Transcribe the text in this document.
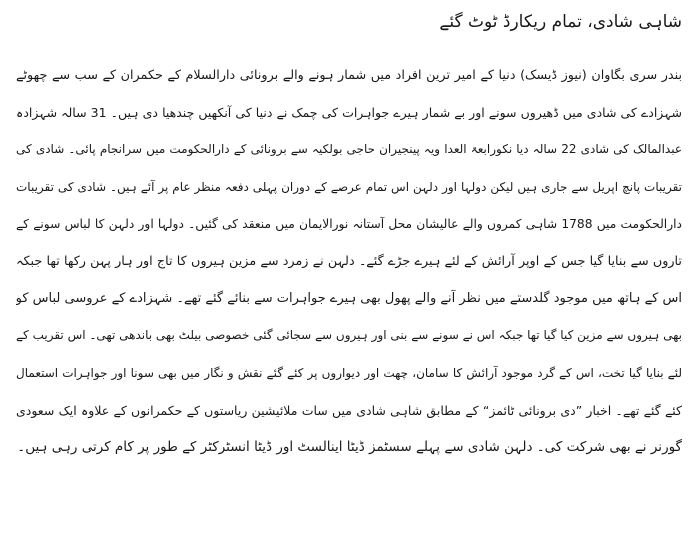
شاہی شادی، تمام ریکارڈ ٹوٹ گئے
بندر سری بگاوان (نیوز ڈیسک) دنیا کے امیر ترین افراد میں شمار ہونے والے برونائی دارالسلام کے حکمران کے سب سے چھوٹے
شہزادے کی شادی میں ڈھیروں سونے اور بے شمار ہیرے جواہرات کی چمک نے دنیا کی آنکھیں چندھیا دی ہیں۔ 31 سالہ شہزادہ
عبدالمالک کی شادی 22 سالہ دیا نکورابعۃ العدا ویہ پینجیران حاجی بولکیہ سے برونائی کے دارالحکومت میں سرانجام پائی۔ شادی کی
تقریبات پانچ اپریل سے جاری ہیں لیکن دولہا اور دلہن اس تمام عرصے کے دوران پہلی دفعہ منظر عام پر آئے ہیں۔ شادی کی تقریبات
دارالحکومت میں 1788 شاہی کمروں والے عالیشان محل آستانہ نورالایمان میں منعقد کی گئیں۔ دولہا اور دلہن کا لباس سونے کے
تاروں سے بنایا گیا جس کے اوپر آرائش کے لئے ہیرے جڑے گئے۔ دلہن نے زمرد سے مزین ہیروں کا تاج اور ہار پہن رکھا تھا جبکہ
اس کے ہاتھ میں موجود گلدستے میں نظر آنے والے پھول بھی ہیرے جواہرات سے بنائے گئے تھے۔ شہزادے کے عروسی لباس کو
بھی ہیروں سے مزین کیا گیا تھا جبکہ اس نے سونے سے بنی اور ہیروں سے سجائی گئی خصوصی بیلٹ بھی باندھی تھی۔ اس تقریب کے
لئے بنایا گیا تخت، اس کے گرد موجود آرائش کا سامان، چھت اور دیواروں پر کئے گئے نقش و نگار میں بھی سونا اور جواہرات استعمال
کئے گئے تھے۔ اخبار ”دی برونائی ٹائمز“ کے مطابق شاہی شادی میں سات ملائیشین ریاستوں کے حکمرانوں کے علاوہ ایک سعودی
گورنر نے بھی شرکت کی۔ دلہن شادی سے پہلے سسٹمز ڈیٹا اینالسٹ اور ڈیٹا انسٹرکٹر کے طور پر کام کرتی رہی ہیں۔
